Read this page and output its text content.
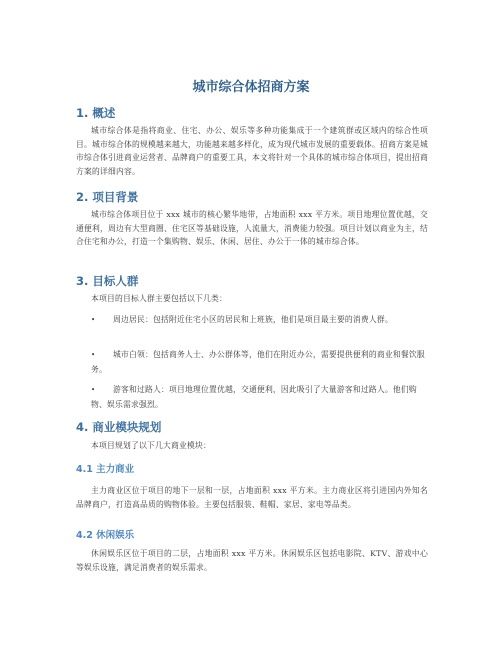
城市综合体招商方案
1. 概述

城市综合体是指将商业、住宅、办公、娱乐等多种功能集成于一个建筑群或区域内的综合性项目。城市综合体的规模越来越大，功能越来越多样化，成为现代城市发展的重要载体。招商方案是城市综合体引进商业运营者、品牌商户的重要工具，本文将针对一个具体的城市综合体项目，提出招商方案的详细内容。

2. 项目背景

城市综合体项目位于 xxx 城市的核心繁华地带，占地面积 xxx 平方米。项目地理位置优越，交通便利，周边有大型商圈、住宅区等基础设施，人流量大，消费能力较强。项目计划以商业为主，结合住宅和办公，打造一个集购物、娱乐、休闲、居住、办公于一体的城市综合体。

3. 目标人群

本项目的目标人群主要包括以下几类：

• 周边居民：包括附近住宅小区的居民和上班族，他们是项目最主要的消费人群。

• 城市白领：包括商务人士、办公群体等，他们在附近办公，需要提供便利的商业和餐饮服务。

• 游客和过路人：项目地理位置优越，交通便利，因此吸引了大量游客和过路人。他们购物、娱乐需求强烈。

4. 商业模块规划

本项目规划了以下几大商业模块：

4.1 主力商业

主力商业区位于项目的地下一层和一层，占地面积 xxx 平方米。主力商业区将引进国内外知名品牌商户，打造高品质的购物体验。主要包括服装、鞋帽、家居、家电等品类。

4.2 休闲娱乐

休闲娱乐区位于项目的二层，占地面积 xxx 平方米。休闲娱乐区包括电影院、KTV、游戏中心等娱乐设施，满足消费者的娱乐需求。
